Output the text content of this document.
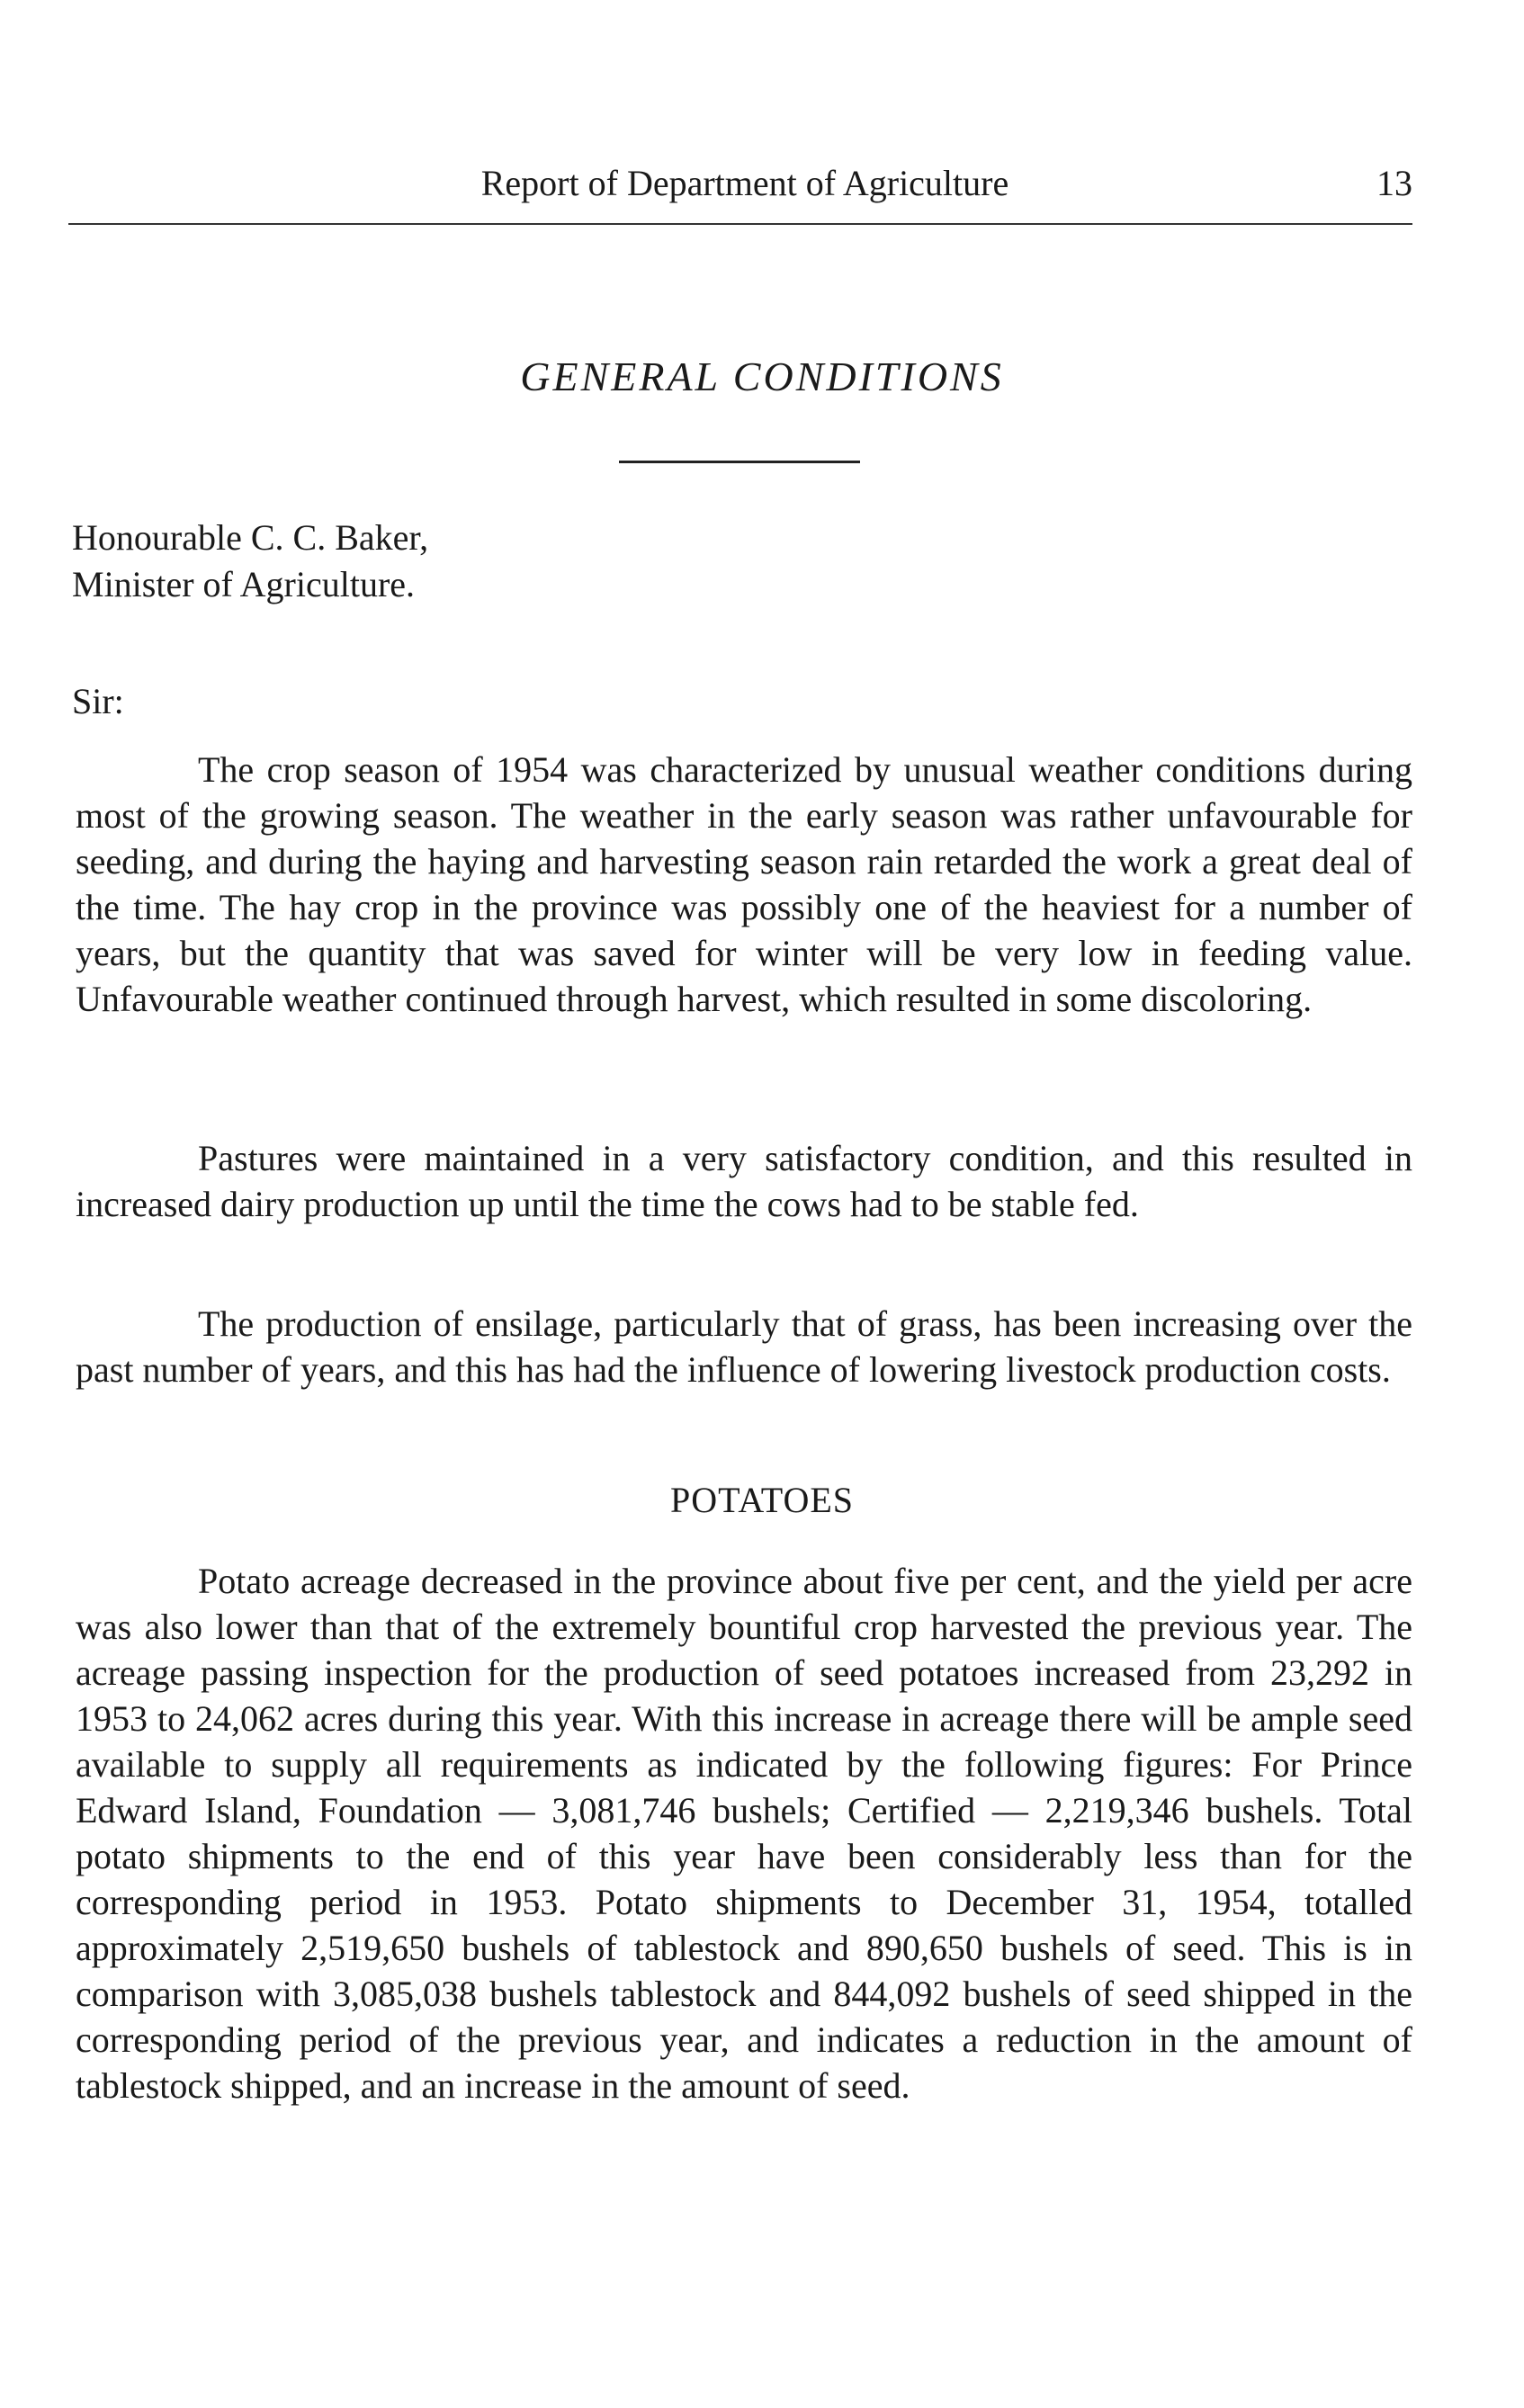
Report of Department of Agriculture	13
GENERAL CONDITIONS
Honourable C. C. Baker,
Minister of Agriculture.
Sir:

The crop season of 1954 was characterized by unusual weather conditions during most of the growing season. The weather in the early season was rather unfavourable for seeding, and during the haying and harvesting season rain retarded the work a great deal of the time. The hay crop in the province was possibly one of the heaviest for a number of years, but the quantity that was saved for winter will be very low in feeding value. Unfavourable weather continued through harvest, which resulted in some discoloring.

Pastures were maintained in a very satisfactory condition, and this resulted in increased dairy production up until the time the cows had to be stable fed.

The production of ensilage, particularly that of grass, has been increasing over the past number of years, and this has had the influence of lowering livestock production costs.

POTATOES

Potato acreage decreased in the province about five per cent, and the yield per acre was also lower than that of the extremely bountiful crop harvested the previous year. The acreage passing inspection for the production of seed potatoes increased from 23,292 in 1953 to 24,062 acres during this year. With this increase in acreage there will be ample seed available to supply all requirements as indicated by the following figures: For Prince Edward Island, Foundation — 3,081,746 bushels; Certified — 2,219,346 bushels. Total potato shipments to the end of this year have been considerably less than for the corresponding period in 1953. Potato shipments to December 31, 1954, totalled approximately 2,519,650 bushels of tablestock and 890,650 bushels of seed. This is in comparison with 3,085,038 bushels tablestock and 844,092 bushels of seed shipped in the corresponding period of the previous year, and indicates a reduction in the amount of tablestock shipped, and an increase in the amount of seed.
